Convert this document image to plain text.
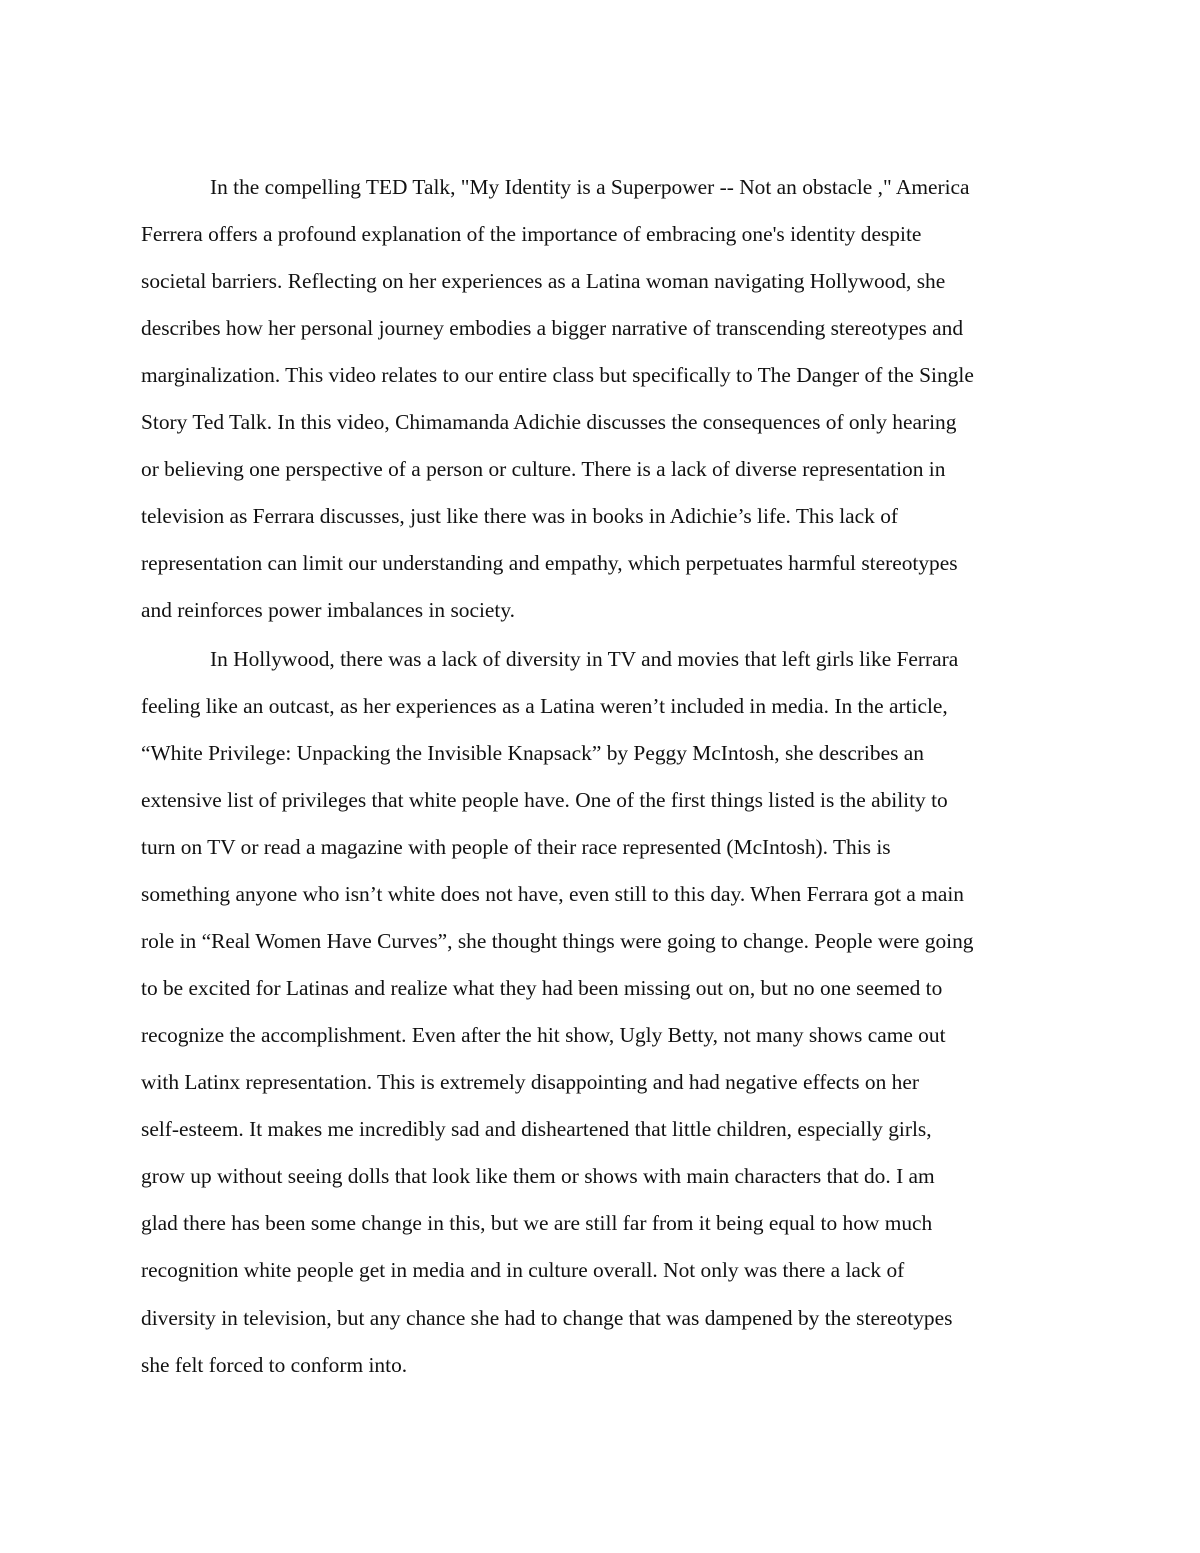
In the compelling TED Talk, "My Identity is a Superpower -- Not an obstacle ," America
Ferrera offers a profound explanation of the importance of embracing one's identity despite
societal barriers. Reflecting on her experiences as a Latina woman navigating Hollywood, she
describes how her personal journey embodies a bigger narrative of transcending stereotypes and
marginalization. This video relates to our entire class but specifically to The Danger of the Single
Story Ted Talk. In this video, Chimamanda Adichie discusses the consequences of only hearing
or believing one perspective of a person or culture. There is a lack of diverse representation in
television as Ferrara discusses, just like there was in books in Adichie’s life. This lack of
representation can limit our understanding and empathy, which perpetuates harmful stereotypes
and reinforces power imbalances in society.
In Hollywood, there was a lack of diversity in TV and movies that left girls like Ferrara
feeling like an outcast, as her experiences as a Latina weren’t included in media. In the article,
“White Privilege: Unpacking the Invisible Knapsack” by Peggy McIntosh, she describes an
extensive list of privileges that white people have. One of the first things listed is the ability to
turn on TV or read a magazine with people of their race represented (McIntosh). This is
something anyone who isn’t white does not have, even still to this day. When Ferrara got a main
role in “Real Women Have Curves”, she thought things were going to change. People were going
to be excited for Latinas and realize what they had been missing out on, but no one seemed to
recognize the accomplishment. Even after the hit show, Ugly Betty, not many shows came out
with Latinx representation. This is extremely disappointing and had negative effects on her
self-esteem. It makes me incredibly sad and disheartened that little children, especially girls,
grow up without seeing dolls that look like them or shows with main characters that do. I am
glad there has been some change in this, but we are still far from it being equal to how much
recognition white people get in media and in culture overall. Not only was there a lack of
diversity in television, but any chance she had to change that was dampened by the stereotypes
she felt forced to conform into.
